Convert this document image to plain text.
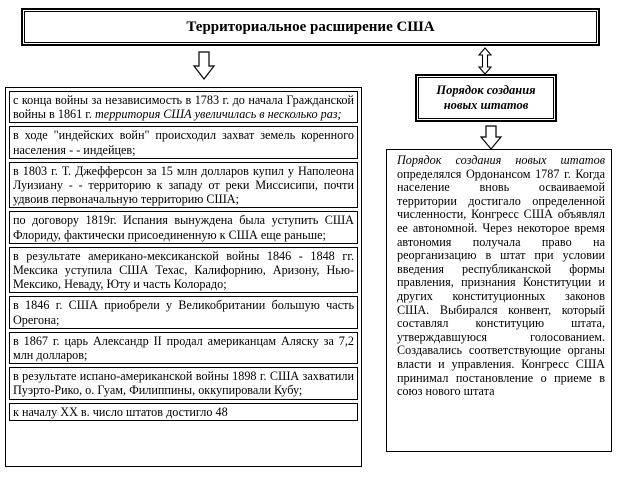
Территориальное расширение США
с конца войны за независимость в 1783 г. до начала Гражданской войны в 1861 г. территория США увеличилась в несколько раз;
в ходе "индейских войн" происходил захват земель коренного населения - - индейцев;
в 1803 г. Т. Джефферсон за 15 млн долларов купил у Наполеона Луизиану - - территорию к западу от реки Миссисипи, почти удвоив первоначальную территорию США;
по договору 1819г. Испания вынуждена была уступить США Флориду, фактически присоединенную к США еще раньше;
в результате американо-мексиканской войны 1846 - 1848 гг. Мексика уступила США Техас, Калифорнию, Аризону, Нью-Мексико, Неваду, Юту и часть Колорадо;
в 1846 г. США приобрели у Великобритании большую часть Орегона;
в 1867 г. царь Александр II продал американцам Аляску за 7,2 млн долларов;
в результате испано-американской войны 1898 г. США захватили Пуэрто-Рико, о. Гуам, Филиппины, оккупировали Кубу;
к началу XX в. число штатов достигло 48
Порядок создания новых штатов
Порядок создания новых штатов определялся Ордонансом 1787 г. Когда население вновь осваиваемой территории достигало определенной численности, Конгресс США объявлял ее автономной. Через некоторое время автономия получала право на реорганизацию в штат при условии введения республиканской формы правления, признания Конституции и других конституционных законов США. Выбирался конвент, который составлял конституцию штата, утверждавшуюся голосованием. Создавались соответствующие органы власти и управления. Конгресс США принимал постановление о приеме в союз нового штата
